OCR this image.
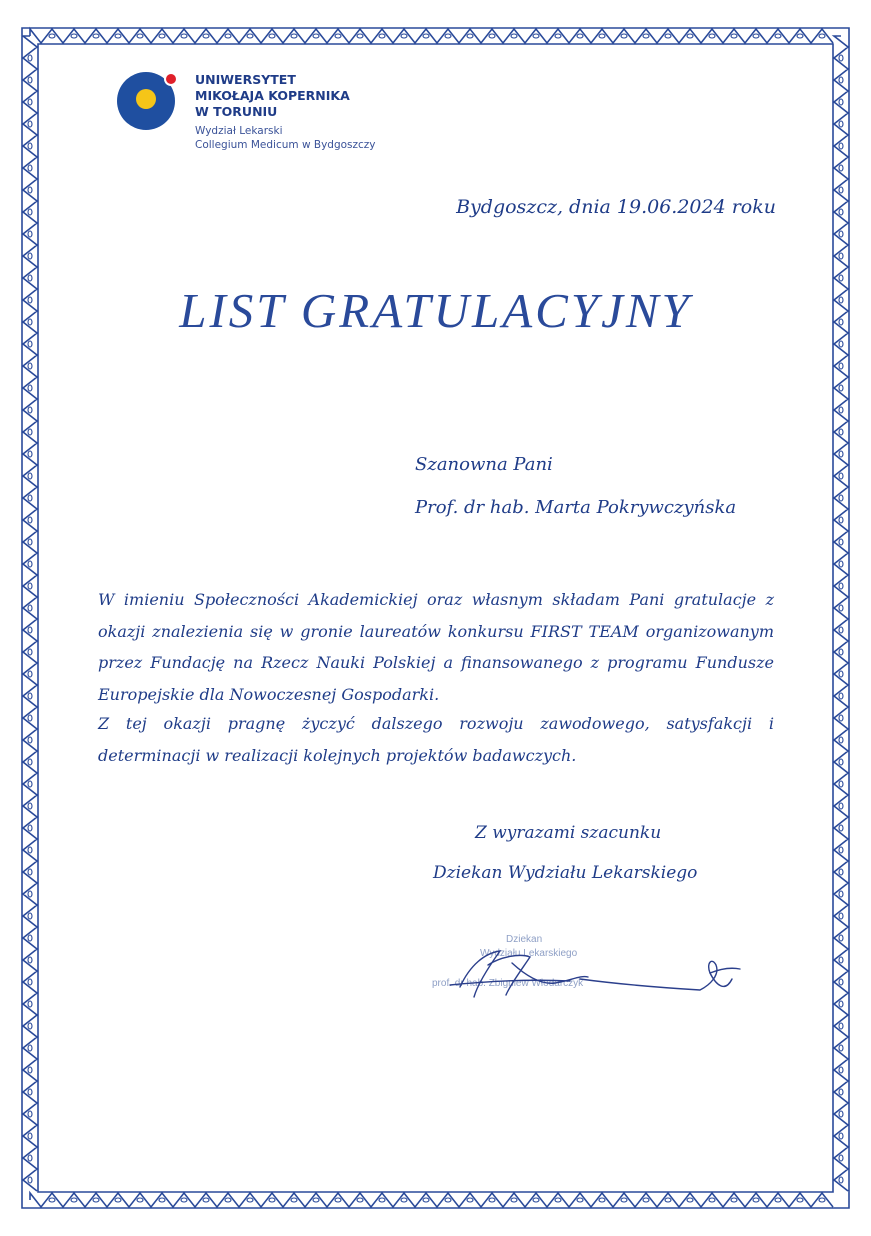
UNIWERSYTET
MIKOŁAJA KOPERNIKA
W TORUNIU
Wydział Lekarski
Collegium Medicum w Bydgoszczy
Bydgoszcz, dnia 19.06.2024 roku
LIST GRATULACYJNY
Szanowna Pani
Prof. dr hab. Marta Pokrywczyńska
W imieniu Społeczności Akademickiej oraz własnym składam Pani gratulacje z okazji znalezienia się w gronie laureatów konkursu FIRST TEAM organizowanym przez Fundację na Rzecz Nauki Polskiej a finansowanego z programu Fundusze Europejskie dla Nowoczesnej Gospodarki.
Z tej okazji pragnę życzyć dalszego rozwoju zawodowego, satysfakcji i determinacji w realizacji kolejnych projektów badawczych.
Z wyrazami szacunku
Dziekan Wydziału Lekarskiego
Dziekan
Wydziału Lekarskiego
prof. dr hab. Zbigniew Włodarczyk
